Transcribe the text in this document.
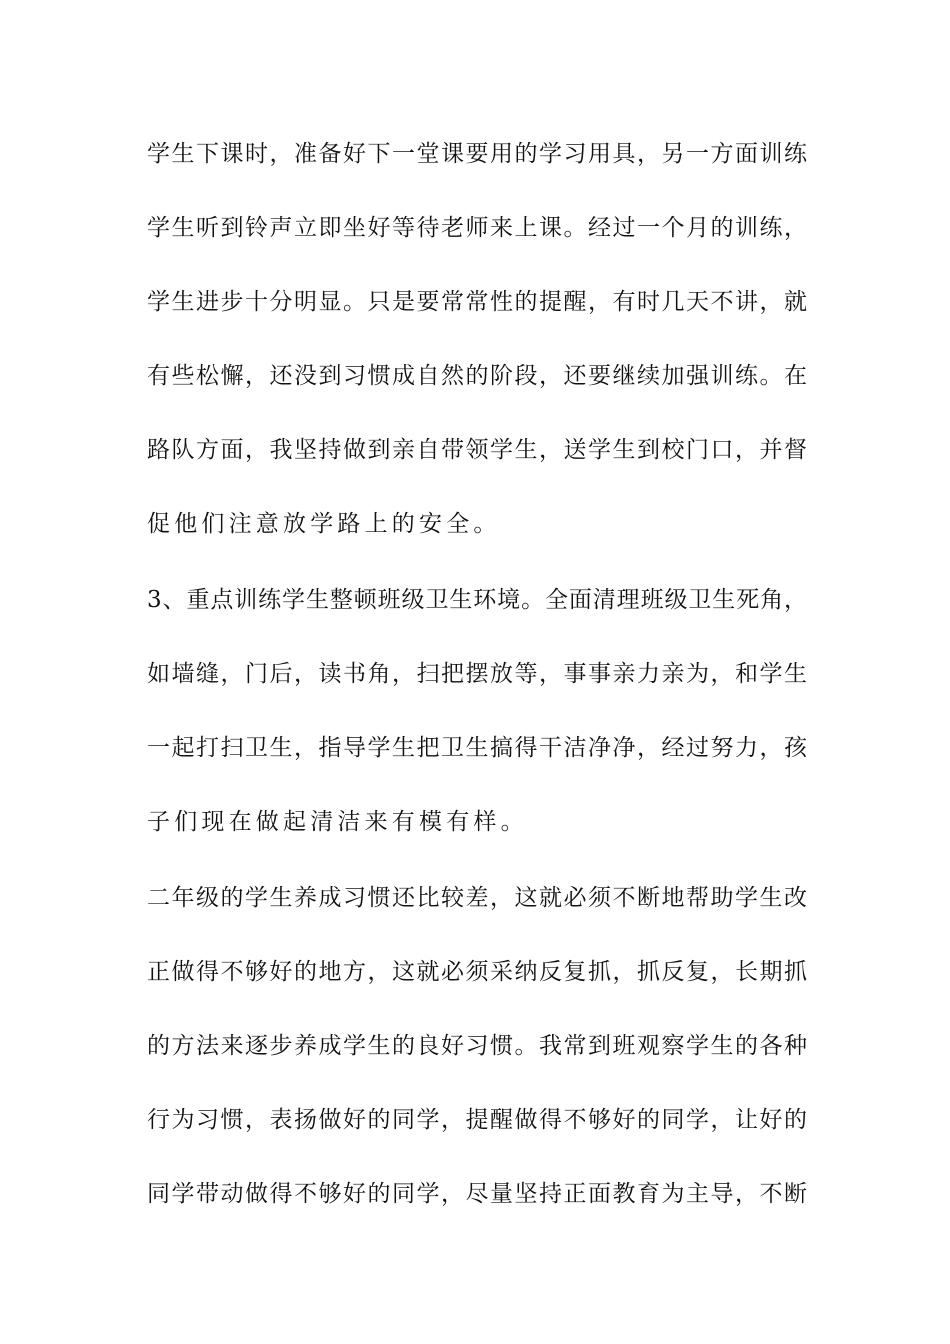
学生下课时，准备好下一堂课要用的学习用具，另一方面训练
学生听到铃声立即坐好等待老师来上课。经过一个月的训练，
学生进步十分明显。只是要常常性的提醒，有时几天不讲，就
有些松懈，还没到习惯成自然的阶段，还要继续加强训练。在
路队方面，我坚持做到亲自带领学生，送学生到校门口，并督
促他们注意放学路上的安全。
3、重点训练学生整顿班级卫生环境。全面清理班级卫生死角，
如墙缝，门后，读书角，扫把摆放等，事事亲力亲为，和学生
一起打扫卫生，指导学生把卫生搞得干洁净净，经过努力，孩
子们现在做起清洁来有模有样。
二年级的学生养成习惯还比较差，这就必须不断地帮助学生改
正做得不够好的地方，这就必须采纳反复抓，抓反复，长期抓
的方法来逐步养成学生的良好习惯。我常到班观察学生的各种
行为习惯，表扬做好的同学，提醒做得不够好的同学，让好的
同学带动做得不够好的同学，尽量坚持正面教育为主导，不断
